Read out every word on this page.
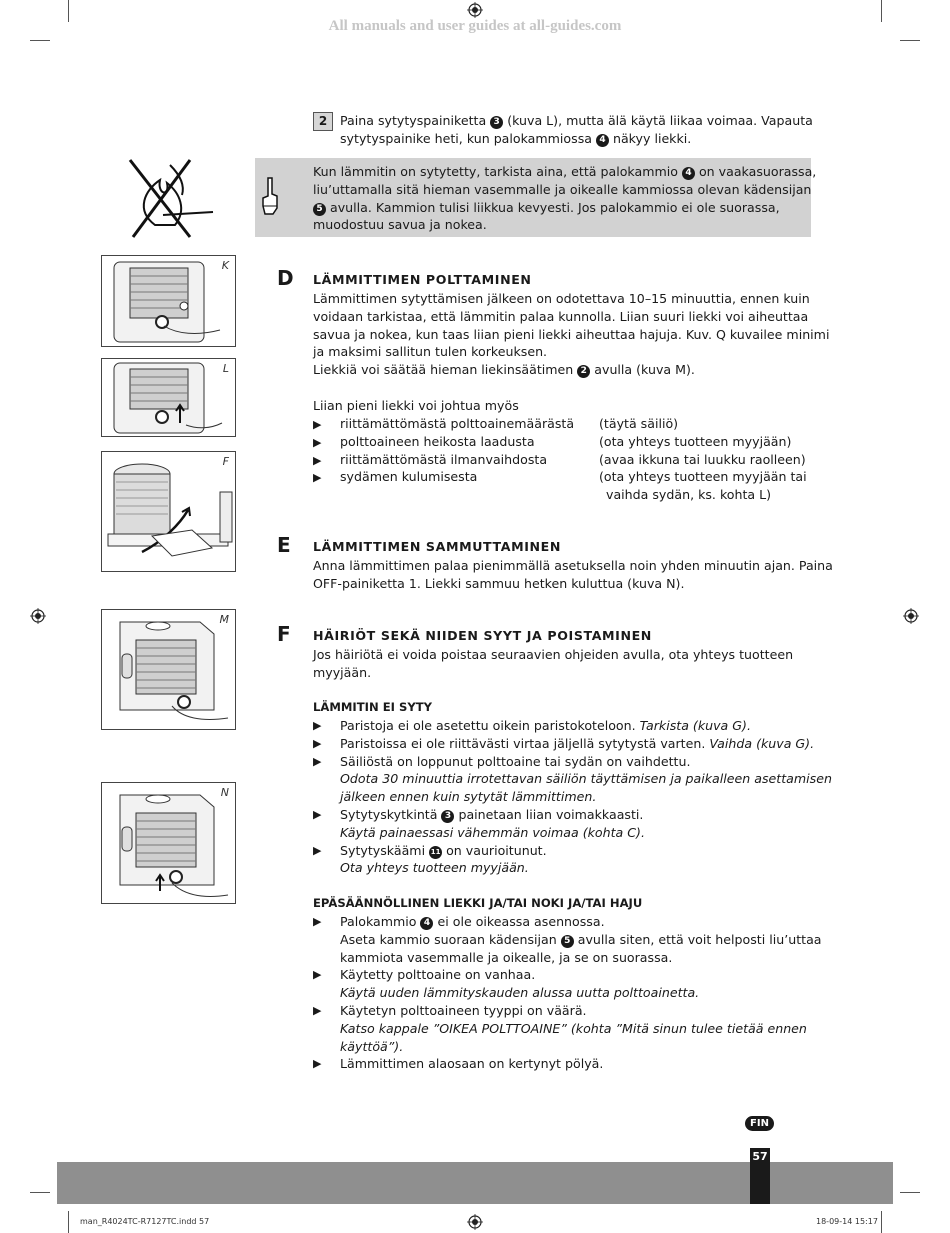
All manuals and user guides at all-guides.com
2 Paina sytytyspainiketta 3 (kuva L), mutta älä käytä liikaa voimaa. Vapauta
sytytyspainike heti, kun palokammiossa 4 näkyy liekki.
Kun lämmitin on sytytetty, tarkista aina, että palokammio 4 on vaakasuorassa,
liu’uttamalla sitä hieman vasemmalle ja oikealle kammiossa olevan kädensijan
5 avulla. Kammion tulisi liikkua kevyesti. Jos palokammio ei ole suorassa,
muodostuu savua ja nokea.
K
L
F
M
N
D LÄMMITTIMEN POLTTAMINEN
Lämmittimen sytyttämisen jälkeen on odotettava 10–15 minuuttia, ennen kuin
voidaan tarkistaa, että lämmitin palaa kunnolla. Liian suuri liekki voi aiheuttaa
savua ja nokea, kun taas liian pieni liekki aiheuttaa hajuja. Kuv. Q kuvailee minimi
ja maksimi sallitun tulen korkeuksen.
Liekkiä voi säätää hieman liekinsäätimen 2 avulla (kuva M).
Liian pieni liekki voi johtua myös
▶ riittämättömästä polttoainemäärästä (täytä säiliö)
▶ polttoaineen heikosta laadusta	(ota yhteys tuotteen myyjään)
▶ riittämättömästä ilmanvaihdosta	(avaa ikkuna tai luukku raolleen)
▶ sydämen kulumisesta	(ota yhteys tuotteen myyjään tai
vaihda sydän, ks. kohta L)
E LÄMMITTIMEN SAMMUTTAMINEN
Anna lämmittimen palaa pienimmällä asetuksella noin yhden minuutin ajan. Paina
OFF-painiketta 1. Liekki sammuu hetken kuluttua (kuva N).
F HÄIRIÖT SEKÄ NIIDEN SYYT JA POISTAMINEN
Jos häiriötä ei voida poistaa seuraavien ohjeiden avulla, ota yhteys tuotteen
myyjään.
LÄMMITIN EI SYTY
▶ Paristoja ei ole asetettu oikein paristokoteloon. Tarkista (kuva G).
▶ Paristoissa ei ole riittävästi virtaa jäljellä sytytystä varten. Vaihda (kuva G).
▶ Säiliöstä on loppunut polttoaine tai sydän on vaihdettu.
Odota 30 minuuttia irrotettavan säiliön täyttämisen ja paikalleen asettamisen
jälkeen ennen kuin sytytät lämmittimen.
▶ Sytytyskytkintä 3 painetaan liian voimakkaasti.
Käytä painaessasi vähemmän voimaa (kohta C).
▶ Sytytyskäämi 11 on vaurioitunut.
Ota yhteys tuotteen myyjään.
EPÄSÄÄNNÖLLINEN LIEKKI JA/TAI NOKI JA/TAI HAJU
▶ Palokammio 4 ei ole oikeassa asennossa.
Aseta kammio suoraan kädensijan 5 avulla siten, että voit helposti liu’uttaa
kammiota vasemmalle ja oikealle, ja se on suorassa.
▶ Käytetty polttoaine on vanhaa.
Käytä uuden lämmityskauden alussa uutta polttoainetta.
▶ Käytetyn polttoaineen tyyppi on väärä.
Katso kappale ”OIKEA POLTTOAINE” (kohta ”Mitä sinun tulee tietää ennen
käyttöä”).
▶ Lämmittimen alaosaan on kertynyt pölyä.
FIN
57
man_R4024TC-R7127TC.indd 57	18-09-14 15:17
